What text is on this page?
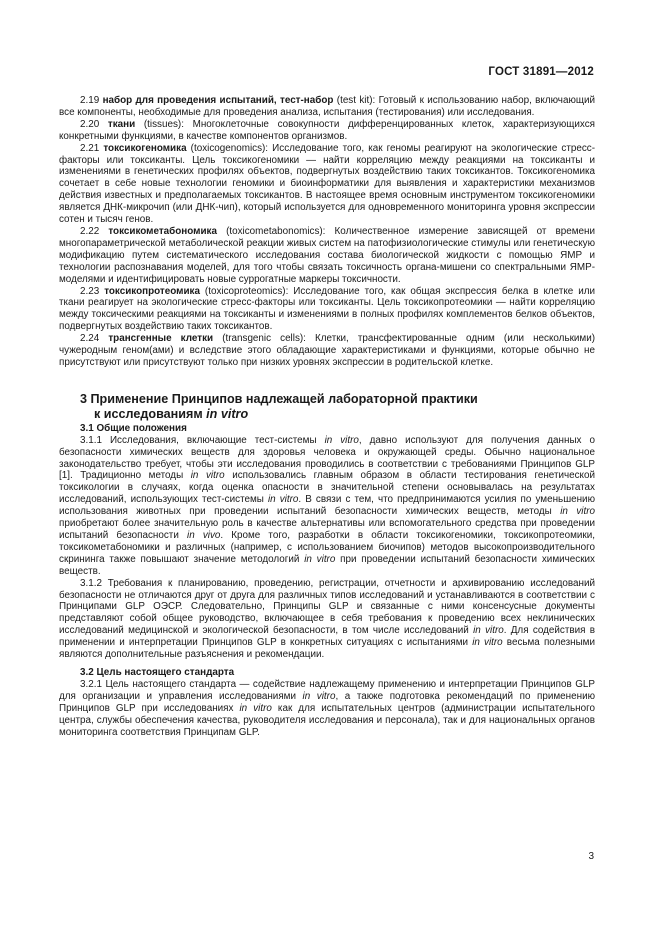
ГОСТ 31891—2012

2.19 набор для проведения испытаний, тест-набор (test kit): Готовый к использованию набор, включающий все компоненты, необходимые для проведения анализа, испытания (тестирования) или исследования.

2.20 ткани (tissues): Многоклеточные совокупности дифференцированных клеток, характеризующихся конкретными функциями, в качестве компонентов организмов.

2.21 токсикогеномика (toxicogenomics): Исследование того, как геномы реагируют на экологические стресс-факторы или токсиканты. Цель токсикогеномики — найти корреляцию между реакциями на токсиканты и изменениями в генетических профилях объектов, подвергнутых воздействию таких токсикантов. Токсикогеномика сочетает в себе новые технологии геномики и биоинформатики для выявления и характеристики механизмов действия известных и предполагаемых токсикантов. В настоящее время основным инструментом токсикогеномики является ДНК-микрочип (или ДНК-чип), который используется для одновременного мониторинга уровня экспрессии сотен и тысяч генов.

2.22 токсикометабономика (toxicometabonomics): Количественное измерение зависящей от времени многопараметрической метаболической реакции живых систем на патофизиологические стимулы или генетическую модификацию путем систематического исследования состава биологической жидкости с помощью ЯМР и технологии распознавания моделей, для того чтобы связать токсичность органа-мишени со спектральными ЯМР-моделями и идентифицировать новые суррогатные маркеры токсичности.

2.23 токсикопротеомика (toxicoproteomics): Исследование того, как общая экспрессия белка в клетке или ткани реагирует на экологические стресс-факторы или токсиканты. Цель токсикопротеомики — найти корреляцию между токсическими реакциями на токсиканты и изменениями в полных профилях комплементов белков объектов, подвергнутых воздействию таких токсикантов.

2.24 трансгенные клетки (transgenic cells): Клетки, трансфектированные одним (или несколькими) чужеродным геном(ами) и вследствие этого обладающие характеристиками и функциями, которые обычно не присутствуют или присутствуют только при низких уровнях экспрессии в родительской клетке.

3 Применение Принципов надлежащей лабораторной практики
к исследованиям in vitro

3.1 Общие положения

3.1.1 Исследования, включающие тест-системы in vitro, давно используют для получения данных о безопасности химических веществ для здоровья человека и окружающей среды. Обычно национальное законодательство требует, чтобы эти исследования проводились в соответствии с требованиями Принципов GLP [1]. Традиционно методы in vitro использовались главным образом в области тестирования генетической токсикологии в случаях, когда оценка опасности в значительной степени основывалась на результатах исследований, использующих тест-системы in vitro. В связи с тем, что предпринимаются усилия по уменьшению использования животных при проведении испытаний безопасности химических веществ, методы in vitro приобретают более значительную роль в качестве альтернативы или вспомогательного средства при проведении испытаний безопасности in vivo. Кроме того, разработки в области токсикогеномики, токсикопротеомики, токсикометабономики и различных (например, с использованием биочипов) методов высокопроизводительного скрининга также повышают значение методологий in vitro при проведении испытаний безопасности химических веществ.

3.1.2 Требования к планированию, проведению, регистрации, отчетности и архивированию исследований безопасности не отличаются друг от друга для различных типов исследований и устанавливаются в соответствии с Принципами GLP ОЭСР. Следовательно, Принципы GLP и связанные с ними консенсусные документы представляют собой общее руководство, включающее в себя требования к проведению всех неклинических исследований медицинской и экологической безопасности, в том числе исследований in vitro. Для содействия в применении и интерпретации Принципов GLP в конкретных ситуациях с испытаниями in vitro весьма полезными являются дополнительные разъяснения и рекомендации.

3.2 Цель настоящего стандарта

3.2.1 Цель настоящего стандарта — содействие надлежащему применению и интерпретации Принципов GLP для организации и управления исследованиями in vitro, а также подготовка рекомендаций по применению Принципов GLP при исследованиях in vitro как для испытательных центров (администрации испытательного центра, службы обеспечения качества, руководителя исследования и персонала), так и для национальных органов мониторинга соответствия Принципам GLP.

3
